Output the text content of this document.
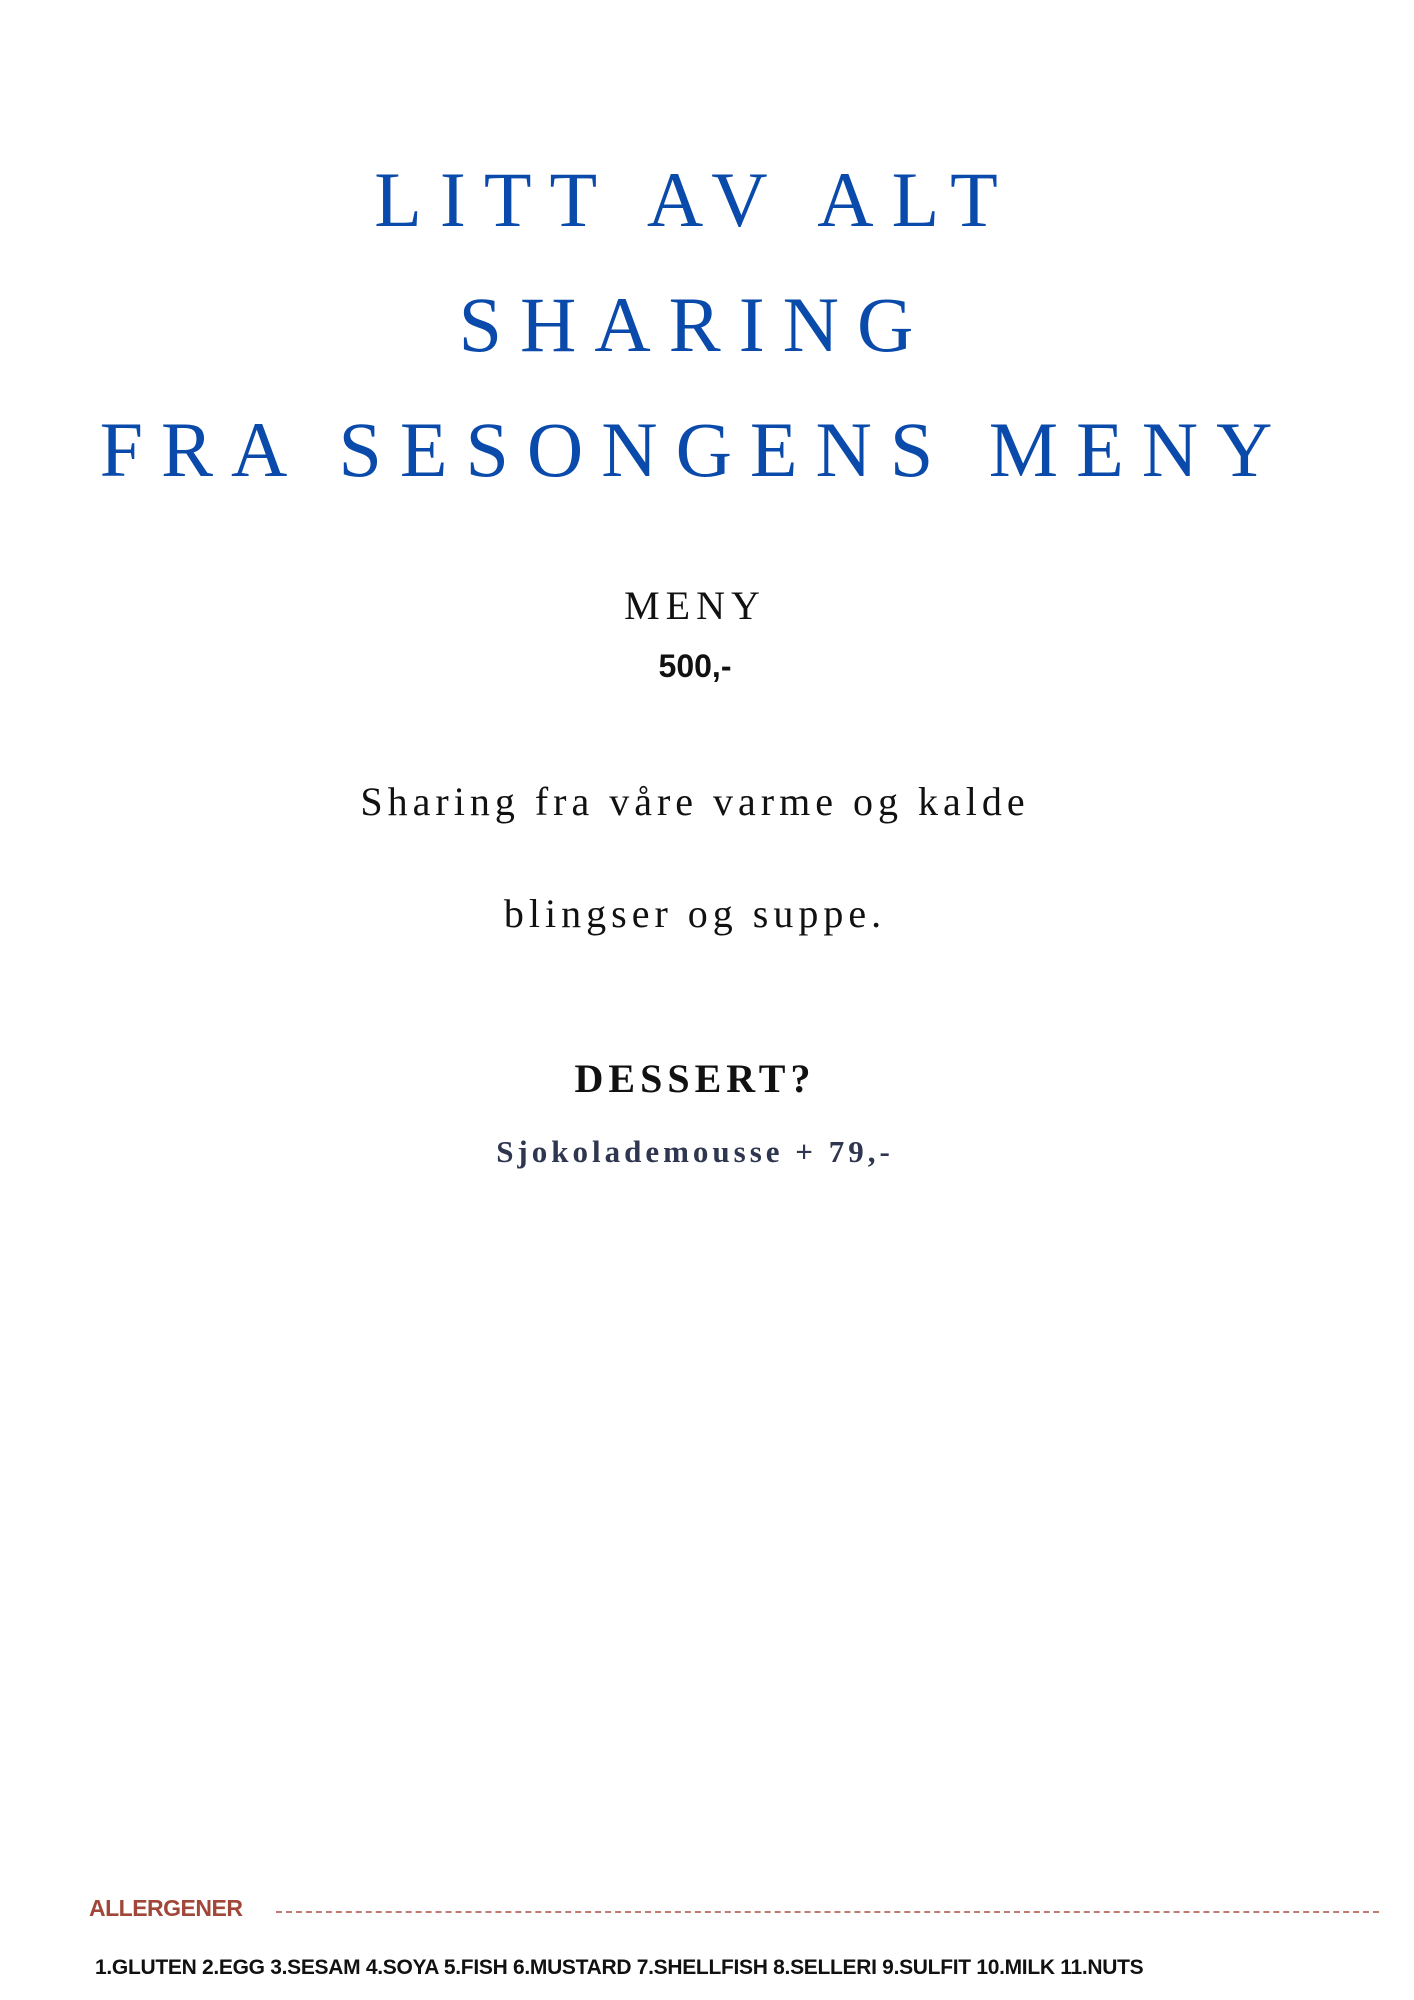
LITT AV ALT
SHARING
FRA SESONGENS MENY
MENY
500,-
Sharing fra våre varme og kalde
blingser og suppe.
DESSERT?
Sjokolademousse + 79,-
ALLERGENER
1.GLUTEN 2.EGG 3.SESAM 4.SOYA 5.FISH 6.MUSTARD 7.SHELLFISH 8.SELLERI 9.SULFIT 10.MILK 11.NUTS
